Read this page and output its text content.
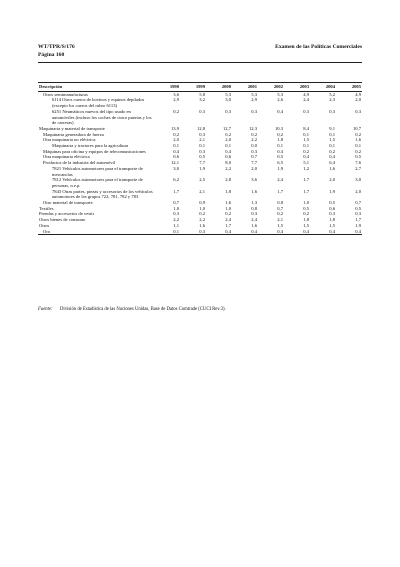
WT/TPR/S/176	Examen de las Políticas Comerciales
Página 160
Descripción	1990	1999	2000	2001	2002	2003	2004	2005
Otros semimanufacturas	3,6	5,8	5,3	5,3	5,3	4,9	5,2	4,9
6114 Otros cueros de bovinos y equinos depilados (excepto los cueros del rubro 6113)	2,9	3,2	3,0	2,9	2,6	2,4	2,3	2,0
6251 Neumáticos nuevos del tipo usado en automóviles (incluso los coches de cinco puertas y los de carreras)	0,2	0,3	0,3	0,3	0,4	0,3	0,3	0,3
Maquinaria y material de transporte	13,9	12,8	12,7	12,3	10,3	8,4	9,1	10,7
Maquinaria generadora de fuerza	0,2	0,3	0,2	0,2	0,2	0,1	0,1	0,2
Otra maquinaria no eléctrica	2,0	2,1	2,0	2,2	1,8	1,5	1,5	1,6
Maquinaria y tractores para la agricultura	0,1	0,1	0,1	0,0	0,1	0,1	0,1	0,1
Máquinas para oficina y equipos de telecomunicaciones	0,4	0,3	0,4	0,3	0,4	0,2	0,2	0,2
Otra maquinaria eléctrica	0,6	0,5	0,6	0,7	0,5	0,4	0,4	0,5
Productos de la industria del automóvil	12,1	7,7	8,0	7,7	6,5	5,1	6,4	7,6
7821 Vehículos automotores para el transporte de mercancías	3,0	1,9	2,2	2,0	1,9	1,2	1,6	2,7
7812 Vehículos automotores para el transporte de personas, n.e.p.	6,2	2,5	2,8	3,6	2,4	1,7	2,0	3,0
7843 Otras partes, piezas y accesorios de los vehículos automotores de los grupos 722, 781, 782 y 783	1,7	2,1	1,8	1,6	1,7	1,7	1,9	2,0
Otro material de transporte	0,7	0,9	1,6	1,3	0,8	1,0	0,5	0,7
Textiles	1,0	1,0	1,0	0,8	0,7	0,5	0,6	0,5
Prendas y accesorios de vestir	0,3	0,2	0,2	0,3	0,2	0,2	0,3	0,3
Otros bienes de consumo	2,2	2,2	2,4	2,4	2,1	1,8	1,8	1,7
Otros	1,1	1,6	1,7	1,6	1,5	1,5	1,5	1,9
Oro	0,1	0,3	0,4	0,4	0,4	0,4	0,4	0,4
Fuente: División de Estadística de las Naciones Unidas, Base de Datos Comtrade (CUCI Rev.3).
